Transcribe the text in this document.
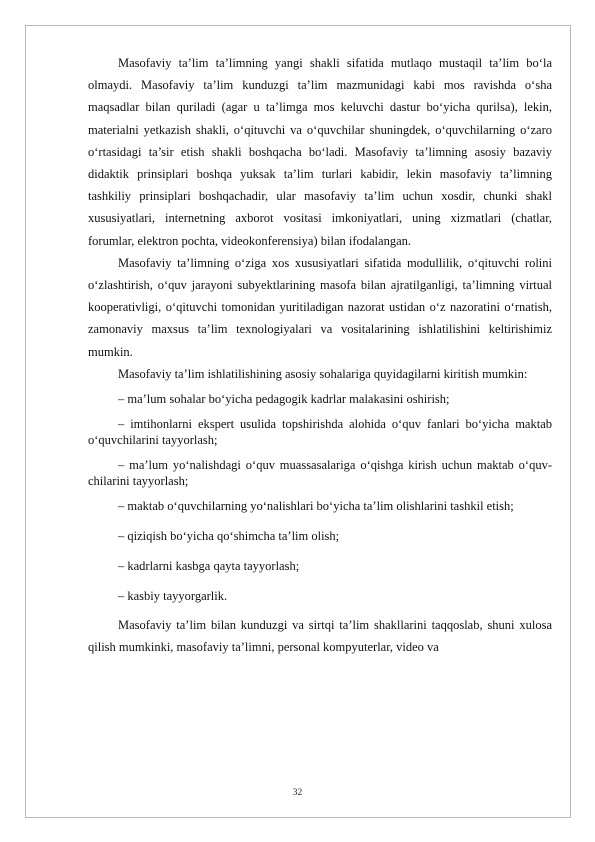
Masofaviy ta’lim ta’limning yangi shakli sifatida mutlaqo mustaqil ta’lim bo‘la olmaydi. Masofaviy ta’lim kunduzgi ta’lim mazmunidagi kabi mos ravishda o‘sha maqsadlar bilan quriladi (agar u ta’limga mos keluvchi dastur bo‘yicha qurilsa), lekin, materialni yetkazish shakli, o‘qituvchi va o‘quvchilar shuningdek, o‘quvchilarning o‘zaro o‘rtasidagi ta’sir etish shakli boshqacha bo‘ladi. Masofaviy ta’limning asosiy bazaviy didaktik prinsiplari boshqa yuksak ta’lim turlari kabidir, lekin masofaviy ta’limning tashkiliy prinsiplari boshqachadir, ular masofaviy ta’lim uchun xosdir, chunki shakl xususiyatlari, internetning axborot vositasi imkoniyatlari, uning xizmatlari (chatlar, forumlar, elektron pochta, videokonferensiya) bilan ifodalangan.

Masofaviy ta’limning o‘ziga xos xususiyatlari sifatida modullilik, o‘qituvchi rolini o‘zlashtirish, o‘quv jarayoni subyektlarining masofa bilan ajratilganligi, ta’limning virtual kooperativligi, o‘qituvchi tomonidan yuritiladigan nazorat ustidan o‘z nazoratini o‘rnatish, zamonaviy maxsus ta’lim texnologiyalari va vositalarining ishlatilishini keltirishimiz mumkin.

Masofaviy ta’lim ishlatilishining asosiy sohalariga quyidagilarni kiritish mumkin:

– ma’lum sohalar bo‘yicha pedagogik kadrlar malakasini oshirish;

– imtihonlarni ekspert usulida topshirishda alohida o‘quv fanlari bo‘yicha maktab o‘quvchilarini tayyorlash;

– ma’lum yo‘nalishdagi o‘quv muassasalariga o‘qishga kirish uchun maktab o‘quv-chilarini tayyorlash;

– maktab o‘quvchilarning yo‘nalishlari bo‘yicha ta’lim olishlarini tashkil etish;

– qiziqish bo‘yicha qo‘shimcha ta’lim olish;

– kadrlarni kasbga qayta tayyorlash;

– kasbiy tayyorgarlik.

Masofaviy ta’lim bilan kunduzgi va sirtqi ta’lim shakllarini taqqoslab, shuni xulosa qilish mumkinki, masofaviy ta’limni, personal kompyuterlar, video va

32
